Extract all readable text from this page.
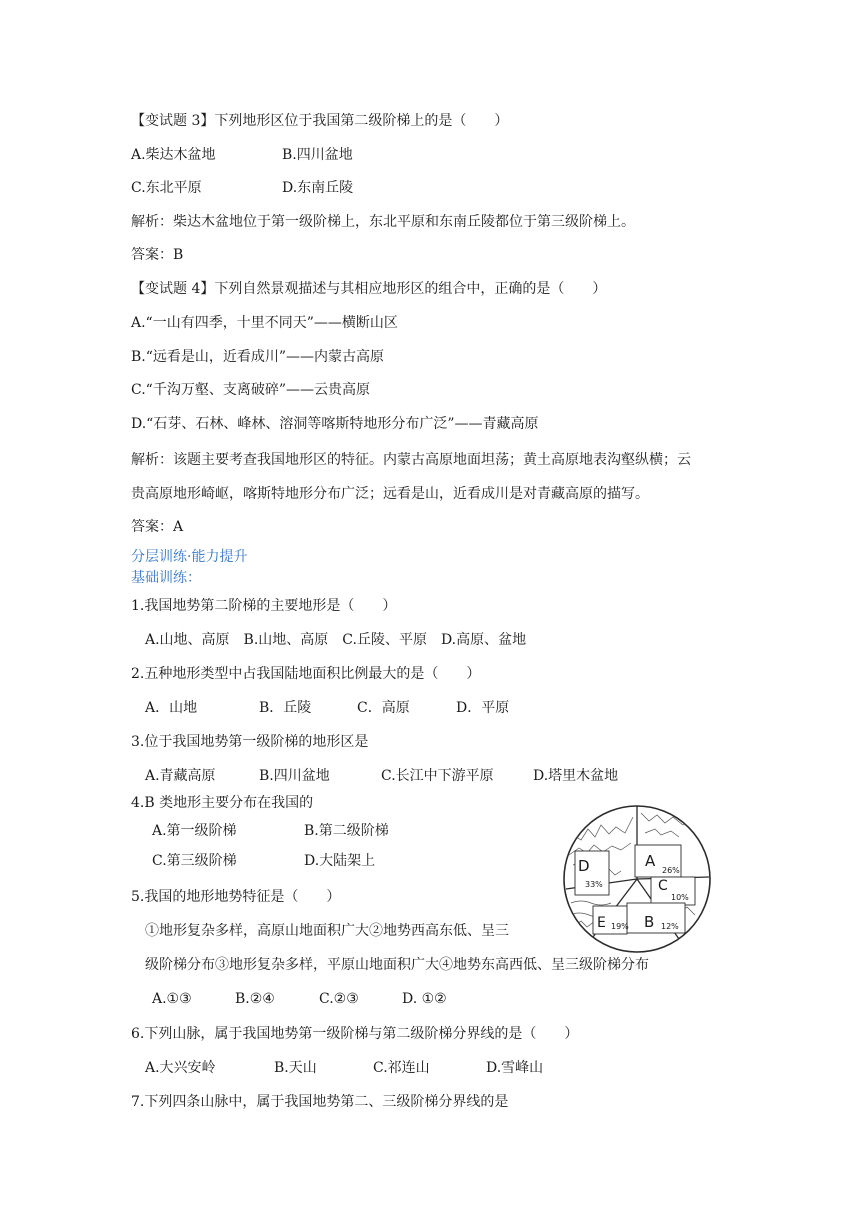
【变试题 3】下列地形区位于我国第二级阶梯上的是（　　）
A.柴达木盆地	B.四川盆地
C.东北平原	D.东南丘陵
解析：柴达木盆地位于第一级阶梯上，东北平原和东南丘陵都位于第三级阶梯上。
答案：B
【变试题 4】下列自然景观描述与其相应地形区的组合中，正确的是（　　）
A.“一山有四季，十里不同天”——横断山区
B.“远看是山，近看成川”——内蒙古高原
C.“千沟万壑、支离破碎”——云贵高原
D.“石芽、石林、峰林、溶洞等喀斯特地形分布广泛”——青藏高原
解析：该题主要考查我国地形区的特征。内蒙古高原地面坦荡；黄土高原地表沟壑纵横；云
贵高原地形崎岖，喀斯特地形分布广泛；远看是山，近看成川是对青藏高原的描写。
答案：A
分层训练·能力提升
基础训练：
1.我国地势第二阶梯的主要地形是（　　）
A.山地、高原　B.山地、高原　C.丘陵、平原　D.高原、盆地
2.五种地形类型中占我国陆地面积比例最大的是（　　）
A．山地	B．丘陵	C．高原	D．平原
3.位于我国地势第一级阶梯的地形区是
A.青藏高原	B.四川盆地	C.长江中下游平原	D.塔里木盆地
4.B 类地形主要分布在我国的
A.第一级阶梯	B.第二级阶梯
C.第三级阶梯	D.大陆架上
5.我国的地形地势特征是（　　）
①地形复杂多样，高原山地面积广大②地势西高东低、呈三
级阶梯分布③地形复杂多样，平原山地面积广大④地势东高西低、呈三级阶梯分布
A.①③	B.②④	C.②③	D. ①②
6.下列山脉，属于我国地势第一级阶梯与第二级阶梯分界线的是（　　）
A.大兴安岭	B.天山	C.祁连山	D.雪峰山
7.下列四条山脉中，属于我国地势第二、三级阶梯分界线的是
A
26%
C
10%
B 12%
D
33%
E 19%
